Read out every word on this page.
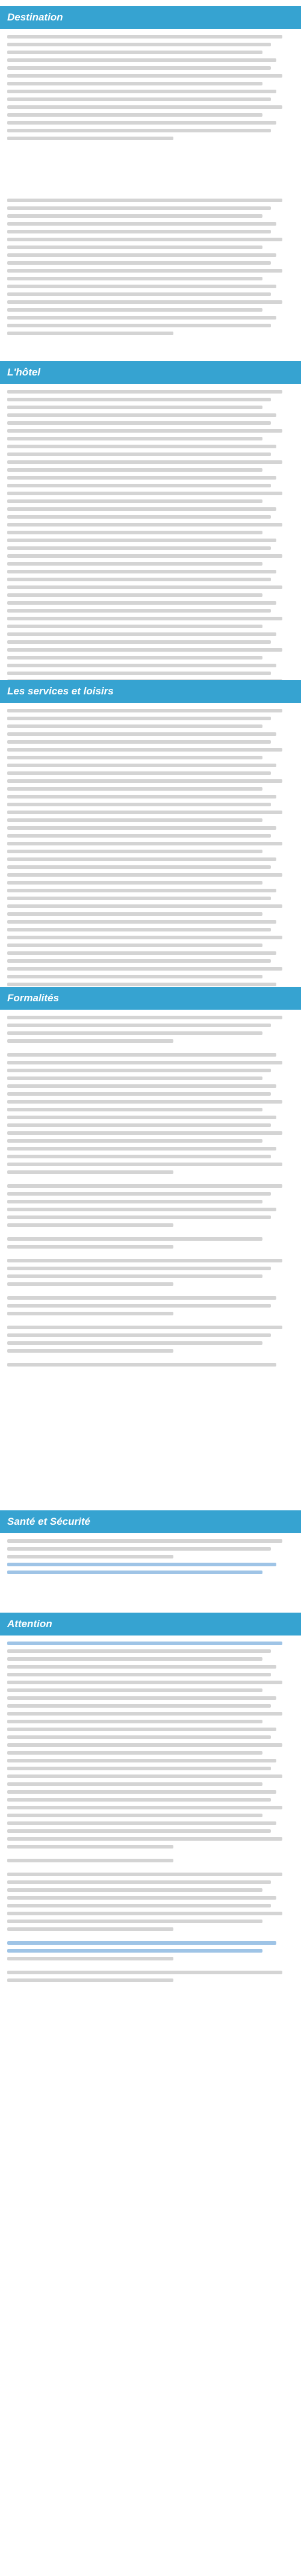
Destination
L'hôtel
Les services et loisirs
Formalités
Santé et Sécurité
Attention
